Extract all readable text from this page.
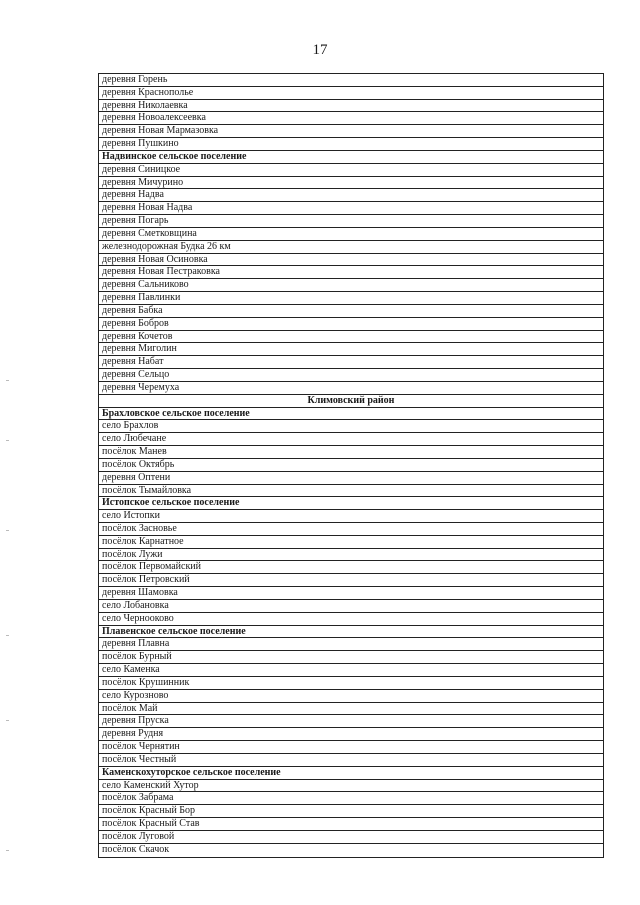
17
деревня Горень
деревня Краснополье
деревня Николаевка
деревня Новоалексеевка
деревня Новая Мармазовка
деревня Пушкино
Надвинское сельское поселение
деревня Синицкое
деревня Мичурино
деревня Надва
деревня Новая Надва
деревня Погарь
деревня Сметковщина
железнодорожная Будка 26 км
деревня Новая Осиновка
деревня Новая Пестраковка
деревня Сальниково
деревня Павлинки
деревня Бабка
деревня Бобров
деревня Кочетов
деревня Миголин
деревня Набат
деревня Сельцо
деревня Черемуха
Климовский район
Брахловское сельское поселение
село Брахлов
село Любечане
посёлок Манев
посёлок Октябрь
деревня Оптени
посёлок Тымайловка
Истопское сельское поселение
село Истопки
посёлок Засновье
посёлок Карнатное
посёлок Лужи
посёлок Первомайский
посёлок Петровский
деревня Шамовка
село Лобановка
село Чернооково
Плавенское сельское поселение
деревня Плавна
посёлок Бурный
село Каменка
посёлок Крушинник
село Курозново
посёлок Май
деревня Пруска
деревня Рудня
посёлок Чернятин
посёлок Честный
Каменскохуторское сельское поселение
село Каменский Хутор
посёлок Забрама
посёлок Красный Бор
посёлок Красный Став
посёлок Луговой
посёлок Скачок
